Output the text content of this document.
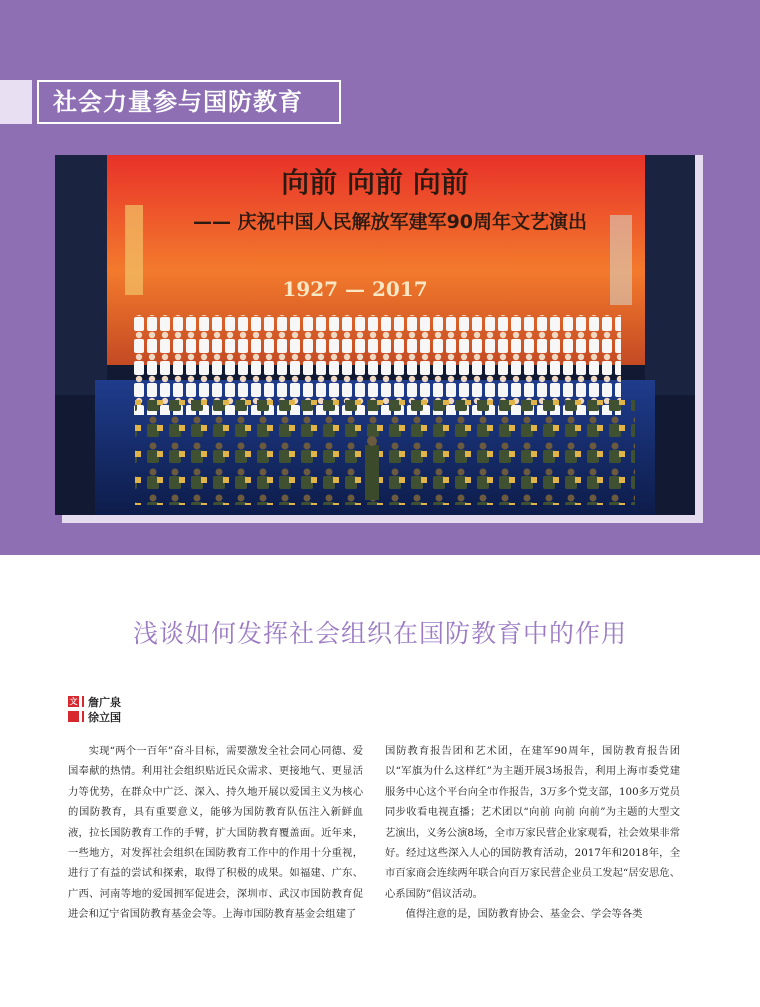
社会力量参与国防教育
向前 向前 向前
—— 庆祝中国人民解放军建军90周年文艺演出
1927 — 2017
浅谈如何发挥社会组织在国防教育中的作用
文 詹广泉
徐立国

实现“两个一百年”奋斗目标，需要激发全社会同心同德、爱国奉献的热情。利用社会组织贴近民众需求、更接地气、更显活力等优势，在群众中广泛、深入、持久地开展以爱国主义为核心的国防教育，具有重要意义，能够为国防教育队伍注入新鲜血液，拉长国防教育工作的手臂，扩大国防教育覆盖面。近年来，一些地方，对发挥社会组织在国防教育工作中的作用十分重视，进行了有益的尝试和探索，取得了积极的成果。如福建、广东、广西、河南等地的爱国拥军促进会，深圳市、武汉市国防教育促进会和辽宁省国防教育基金会等。上海市国防教育基金会组建了

国防教育报告团和艺术团，在建军90周年，国防教育报告团以“军旗为什么这样红”为主题开展3场报告，利用上海市委党建服务中心这个平台向全市作报告，3万多个党支部，100多万党员同步收看电视直播；艺术团以“向前 向前 向前”为主题的大型文艺演出，义务公演8场，全市万家民营企业家观看，社会效果非常好。经过这些深入人心的国防教育活动，2017年和2018年，全市百家商会连续两年联合向百万家民营企业员工发起“居安思危、心系国防”倡议活动。

值得注意的是，国防教育协会、基金会、学会等各类
